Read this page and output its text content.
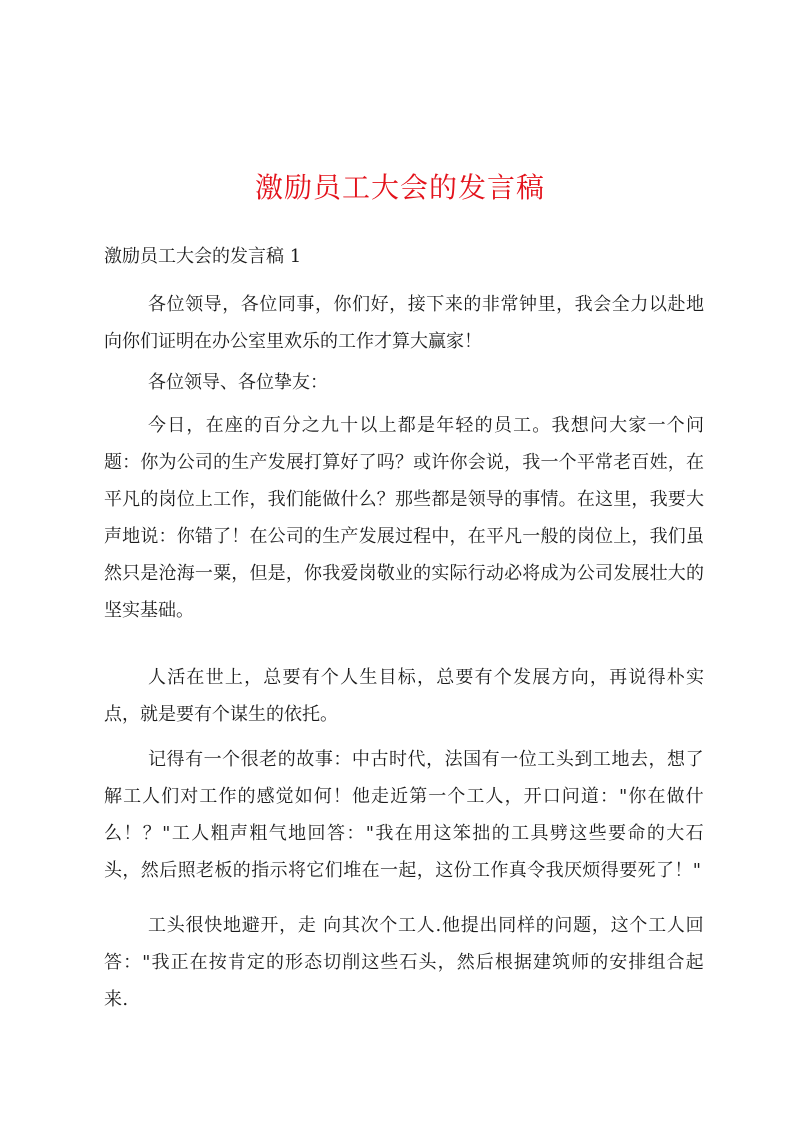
激励员工大会的发言稿

激励员工大会的发言稿 1

各位领导，各位同事，你们好，接下来的非常钟里，我会全力以赴地向你们证明在办公室里欢乐的工作才算大赢家！

各位领导、各位挚友：

今日，在座的百分之九十以上都是年轻的员工。我想问大家一个问题：你为公司的生产发展打算好了吗？或许你会说，我一个平常老百姓，在平凡的岗位上工作，我们能做什么？那些都是领导的事情。在这里，我要大声地说：你错了！在公司的生产发展过程中，在平凡一般的岗位上，我们虽然只是沧海一粟，但是，你我爱岗敬业的实际行动必将成为公司发展壮大的坚实基础。

人活在世上，总要有个人生目标，总要有个发展方向，再说得朴实点，就是要有个谋生的依托。

记得有一个很老的故事：中古时代，法国有一位工头到工地去，想了解工人们对工作的感觉如何！他走近第一个工人，开口问道："你在做什么！？"工人粗声粗气地回答："我在用这笨拙的工具劈这些要命的大石头，然后照老板的指示将它们堆在一起，这份工作真令我厌烦得要死了！"

工头很快地避开，走 向其次个工人.他提出同样的问题，这个工人回答："我正在按肯定的形态切削这些石头，然后根据建筑师的安排组合起来.
